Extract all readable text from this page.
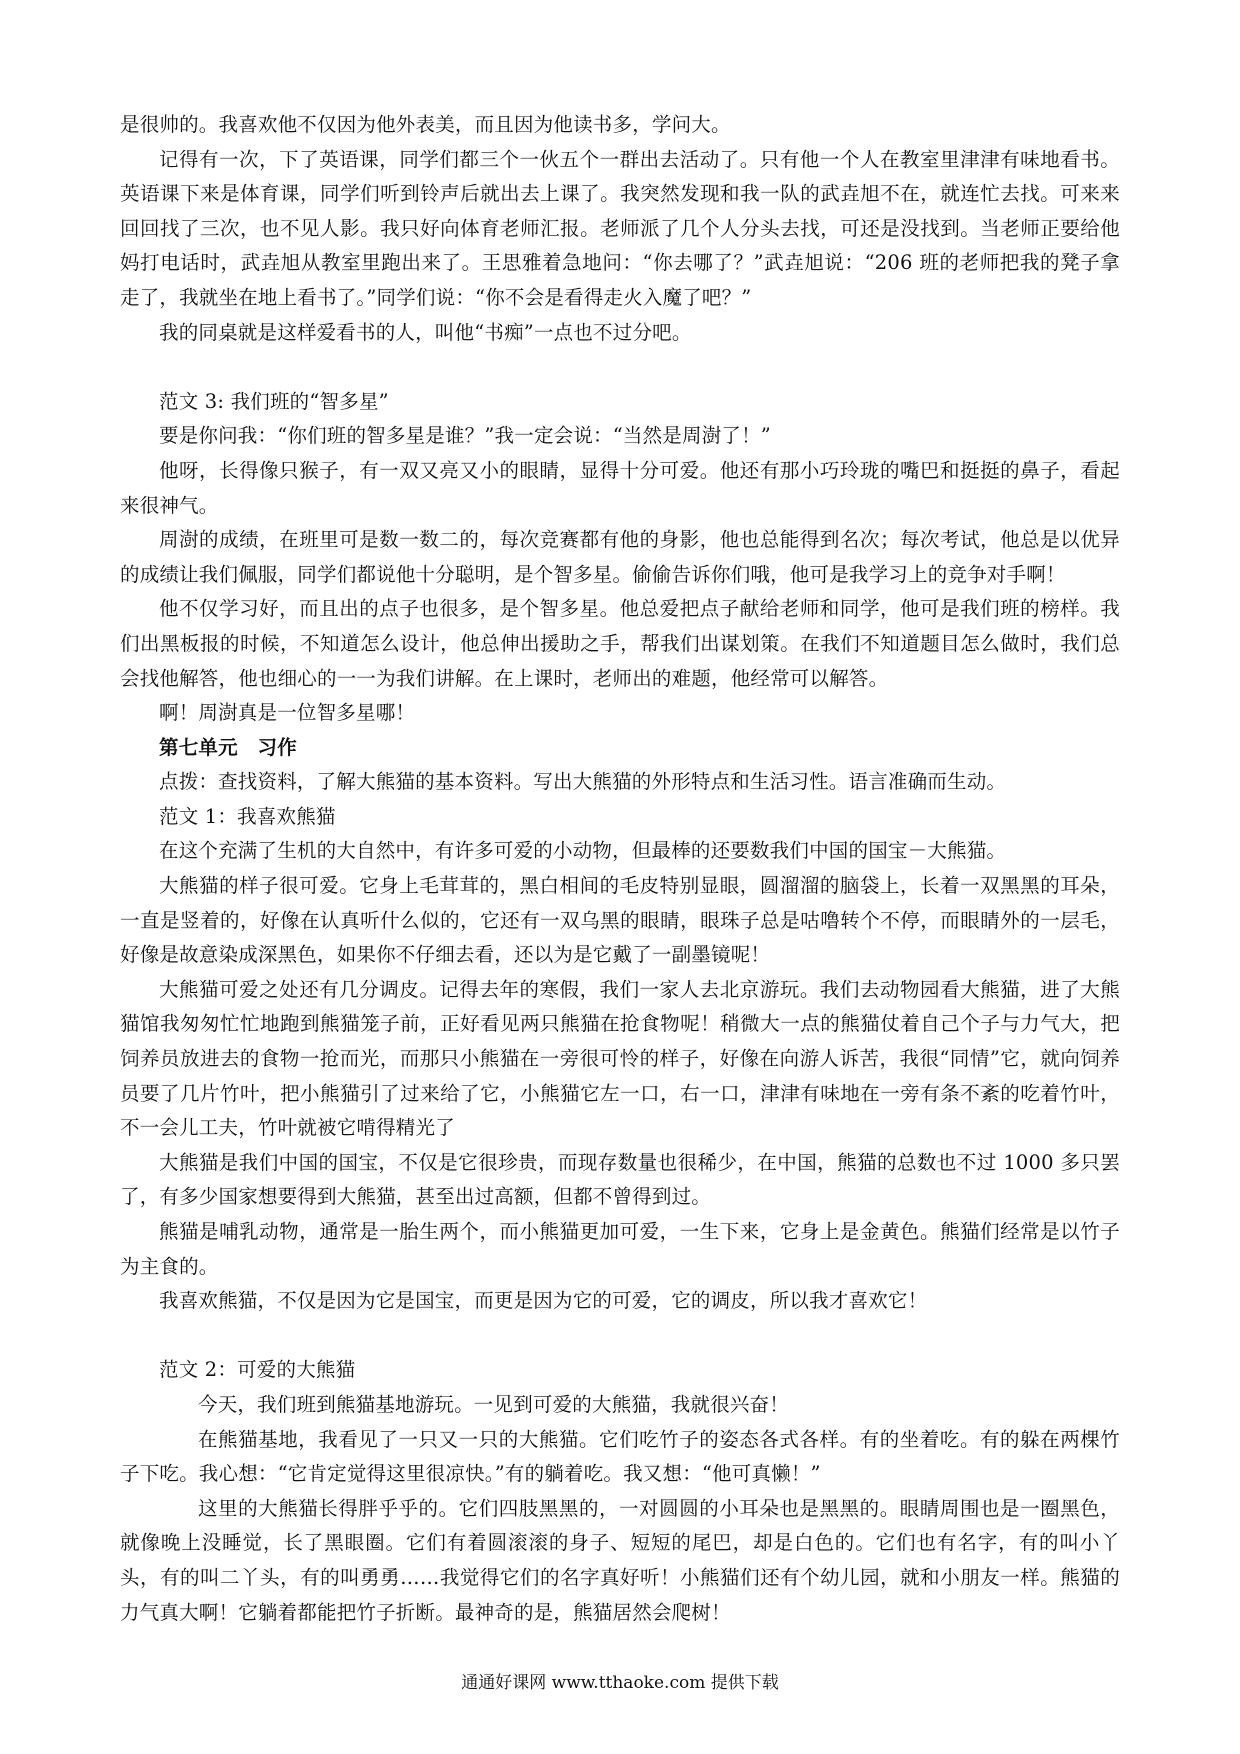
是很帅的。我喜欢他不仅因为他外表美，而且因为他读书多，学问大。

记得有一次，下了英语课，同学们都三个一伙五个一群出去活动了。只有他一个人在教室里津津有味地看书。英语课下来是体育课，同学们听到铃声后就出去上课了。我突然发现和我一队的武垚旭不在，就连忙去找。可来来回回找了三次，也不见人影。我只好向体育老师汇报。老师派了几个人分头去找，可还是没找到。当老师正要给他妈打电话时，武垚旭从教室里跑出来了。王思雅着急地问：“你去哪了？”武垚旭说：“206 班的老师把我的凳子拿走了，我就坐在地上看书了。”同学们说：“你不会是看得走火入魔了吧？”

我的同桌就是这样爱看书的人，叫他“书痴”一点也不过分吧。

范文 3: 我们班的“智多星”

要是你问我：“你们班的智多星是谁？”我一定会说：“当然是周澍了！”

他呀，长得像只猴子，有一双又亮又小的眼睛，显得十分可爱。他还有那小巧玲珑的嘴巴和挺挺的鼻子，看起来很神气。

周澍的成绩，在班里可是数一数二的，每次竞赛都有他的身影，他也总能得到名次；每次考试，他总是以优异的成绩让我们佩服，同学们都说他十分聪明，是个智多星。偷偷告诉你们哦，他可是我学习上的竞争对手啊！

他不仅学习好，而且出的点子也很多，是个智多星。他总爱把点子献给老师和同学，他可是我们班的榜样。我们出黑板报的时候，不知道怎么设计，他总伸出援助之手，帮我们出谋划策。在我们不知道题目怎么做时，我们总会找他解答，他也细心的一一为我们讲解。在上课时，老师出的难题，他经常可以解答。

啊！周澍真是一位智多星哪！

第七单元　习作

点拨：查找资料，了解大熊猫的基本资料。写出大熊猫的外形特点和生活习性。语言准确而生动。

范文 1：我喜欢熊猫

在这个充满了生机的大自然中，有许多可爱的小动物，但最棒的还要数我们中国的国宝－大熊猫。

大熊猫的样子很可爱。它身上毛茸茸的，黑白相间的毛皮特别显眼，圆溜溜的脑袋上，长着一双黑黑的耳朵，一直是竖着的，好像在认真听什么似的，它还有一双乌黑的眼睛，眼珠子总是咕噜转个不停，而眼睛外的一层毛，好像是故意染成深黑色，如果你不仔细去看，还以为是它戴了一副墨镜呢！

大熊猫可爱之处还有几分调皮。记得去年的寒假，我们一家人去北京游玩。我们去动物园看大熊猫，进了大熊猫馆我匆匆忙忙地跑到熊猫笼子前，正好看见两只熊猫在抢食物呢！稍微大一点的熊猫仗着自己个子与力气大，把饲养员放进去的食物一抢而光，而那只小熊猫在一旁很可怜的样子，好像在向游人诉苦，我很“同情”它，就向饲养员要了几片竹叶，把小熊猫引了过来给了它，小熊猫它左一口，右一口，津津有味地在一旁有条不紊的吃着竹叶，不一会儿工夫，竹叶就被它啃得精光了

大熊猫是我们中国的国宝，不仅是它很珍贵，而现存数量也很稀少，在中国，熊猫的总数也不过 1000 多只罢了，有多少国家想要得到大熊猫，甚至出过高额，但都不曾得到过。

熊猫是哺乳动物，通常是一胎生两个，而小熊猫更加可爱，一生下来，它身上是金黄色。熊猫们经常是以竹子为主食的。

我喜欢熊猫，不仅是因为它是国宝，而更是因为它的可爱，它的调皮，所以我才喜欢它！

范文 2：可爱的大熊猫

今天，我们班到熊猫基地游玩。一见到可爱的大熊猫，我就很兴奋！

在熊猫基地，我看见了一只又一只的大熊猫。它们吃竹子的姿态各式各样。有的坐着吃。有的躲在两棵竹子下吃。我心想：“它肯定觉得这里很凉快。”有的躺着吃。我又想：“他可真懒！”

这里的大熊猫长得胖乎乎的。它们四肢黑黑的，一对圆圆的小耳朵也是黑黑的。眼睛周围也是一圈黑色，就像晚上没睡觉，长了黑眼圈。它们有着圆滚滚的身子、短短的尾巴，却是白色的。它们也有名字，有的叫小丫头，有的叫二丫头，有的叫勇勇……我觉得它们的名字真好听！小熊猫们还有个幼儿园，就和小朋友一样。熊猫的力气真大啊！它躺着都能把竹子折断。最神奇的是，熊猫居然会爬树！

通通好课网 www.tthaoke.com 提供下载
